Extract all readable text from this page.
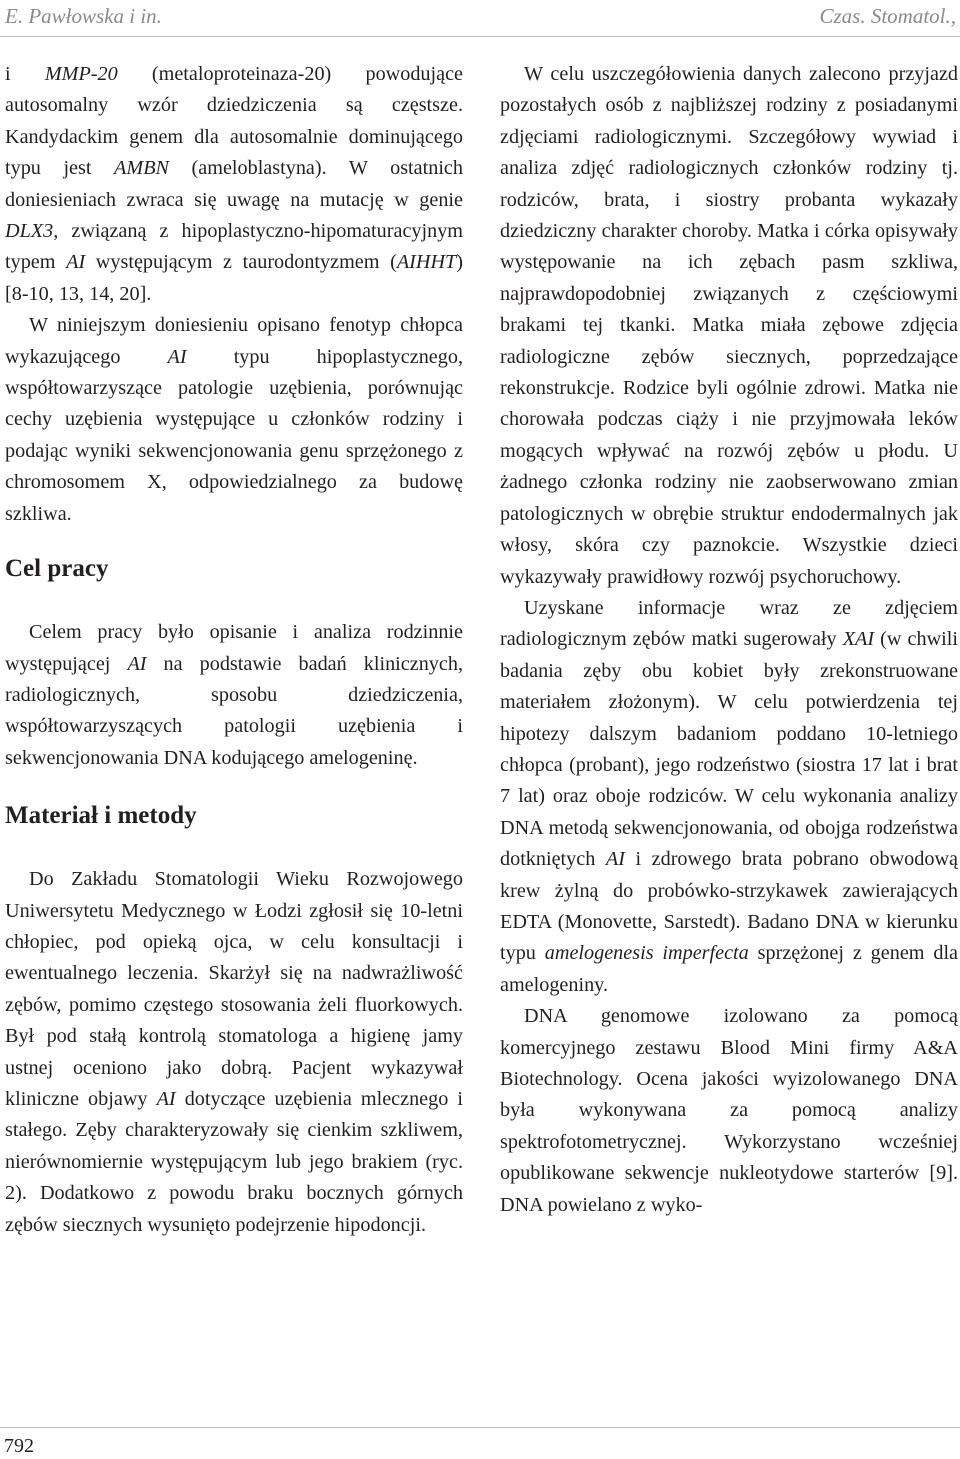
E. Pawłowska i in.	Czas. Stomatol.,

i MMP-20 (metaloproteinaza-20) powodujące autosomalny wzór dziedziczenia są częstsze. Kandydackim genem dla autosomalnie dominującego typu jest AMBN (ameloblastyna). W ostatnich doniesieniach zwraca się uwagę na mutację w genie DLX3, związaną z hipoplastyczno-hipomaturacyjnym typem AI występującym z taurodontyzmem (AIHHT) [8-10, 13, 14, 20].

W niniejszym doniesieniu opisano fenotyp chłopca wykazującego AI typu hipoplastycznego, współtowarzyszące patologie uzębienia, porównując cechy uzębienia występujące u członków rodziny i podając wyniki sekwencjonowania genu sprzężonego z chromosomem X, odpowiedzialnego za budowę szkliwa.

Cel pracy

Celem pracy było opisanie i analiza rodzinnie występującej AI na podstawie badań klinicznych, radiologicznych, sposobu dziedziczenia, współtowarzyszących patologii uzębienia i sekwencjonowania DNA kodującego amelogeninę.

Materiał i metody

Do Zakładu Stomatologii Wieku Rozwojowego Uniwersytetu Medycznego w Łodzi zgłosił się 10-letni chłopiec, pod opieką ojca, w celu konsultacji i ewentualnego leczenia. Skarżył się na nadwrażliwość zębów, pomimo częstego stosowania żeli fluorkowych. Był pod stałą kontrolą stomatologa a higienę jamy ustnej oceniono jako dobrą. Pacjent wykazywał kliniczne objawy AI dotyczące uzębienia mlecznego i stałego. Zęby charakteryzowały się cienkim szkliwem, nierównomiernie występującym lub jego brakiem (ryc. 2). Dodatkowo z powodu braku bocznych górnych zębów siecznych wysunięto podejrzenie hipodoncji.

W celu uszczegółowienia danych zalecono przyjazd pozostałych osób z najbliższej rodziny z posiadanymi zdjęciami radiologicznymi. Szczegółowy wywiad i analiza zdjęć radiologicznych członków rodziny tj. rodziców, brata, i siostry probanta wykazały dziedziczny charakter choroby. Matka i córka opisywały występowanie na ich zębach pasm szkliwa, najprawdopodobniej związanych z częściowymi brakami tej tkanki. Matka miała zębowe zdjęcia radiologiczne zębów siecznych, poprzedzające rekonstrukcje. Rodzice byli ogólnie zdrowi. Matka nie chorowała podczas ciąży i nie przyjmowała leków mogących wpływać na rozwój zębów u płodu. U żadnego członka rodziny nie zaobserwowano zmian patologicznych w obrębie struktur endodermalnych jak włosy, skóra czy paznokcie. Wszystkie dzieci wykazywały prawidłowy rozwój psychoruchowy.

Uzyskane informacje wraz ze zdjęciem radiologicznym zębów matki sugerowały XAI (w chwili badania zęby obu kobiet były zrekonstruowane materiałem złożonym). W celu potwierdzenia tej hipotezy dalszym badaniom poddano 10-letniego chłopca (probant), jego rodzeństwo (siostra 17 lat i brat 7 lat) oraz oboje rodziców. W celu wykonania analizy DNA metodą sekwencjonowania, od obojga rodzeństwa dotkniętych AI i zdrowego brata pobrano obwodową krew żylną do probówko-strzykawek zawierających EDTA (Monovette, Sarstedt). Badano DNA w kierunku typu amelogenesis imperfecta sprzężonej z genem dla amelogeniny.

DNA genomowe izolowano za pomocą komercyjnego zestawu Blood Mini firmy A&A Biotechnology. Ocena jakości wyizolowanego DNA była wykonywana za pomocą analizy spektrofotometrycznej. Wykorzystano wcześniej opublikowane sekwencje nukleotydowe starterów [9]. DNA powielano z wyko-

792
